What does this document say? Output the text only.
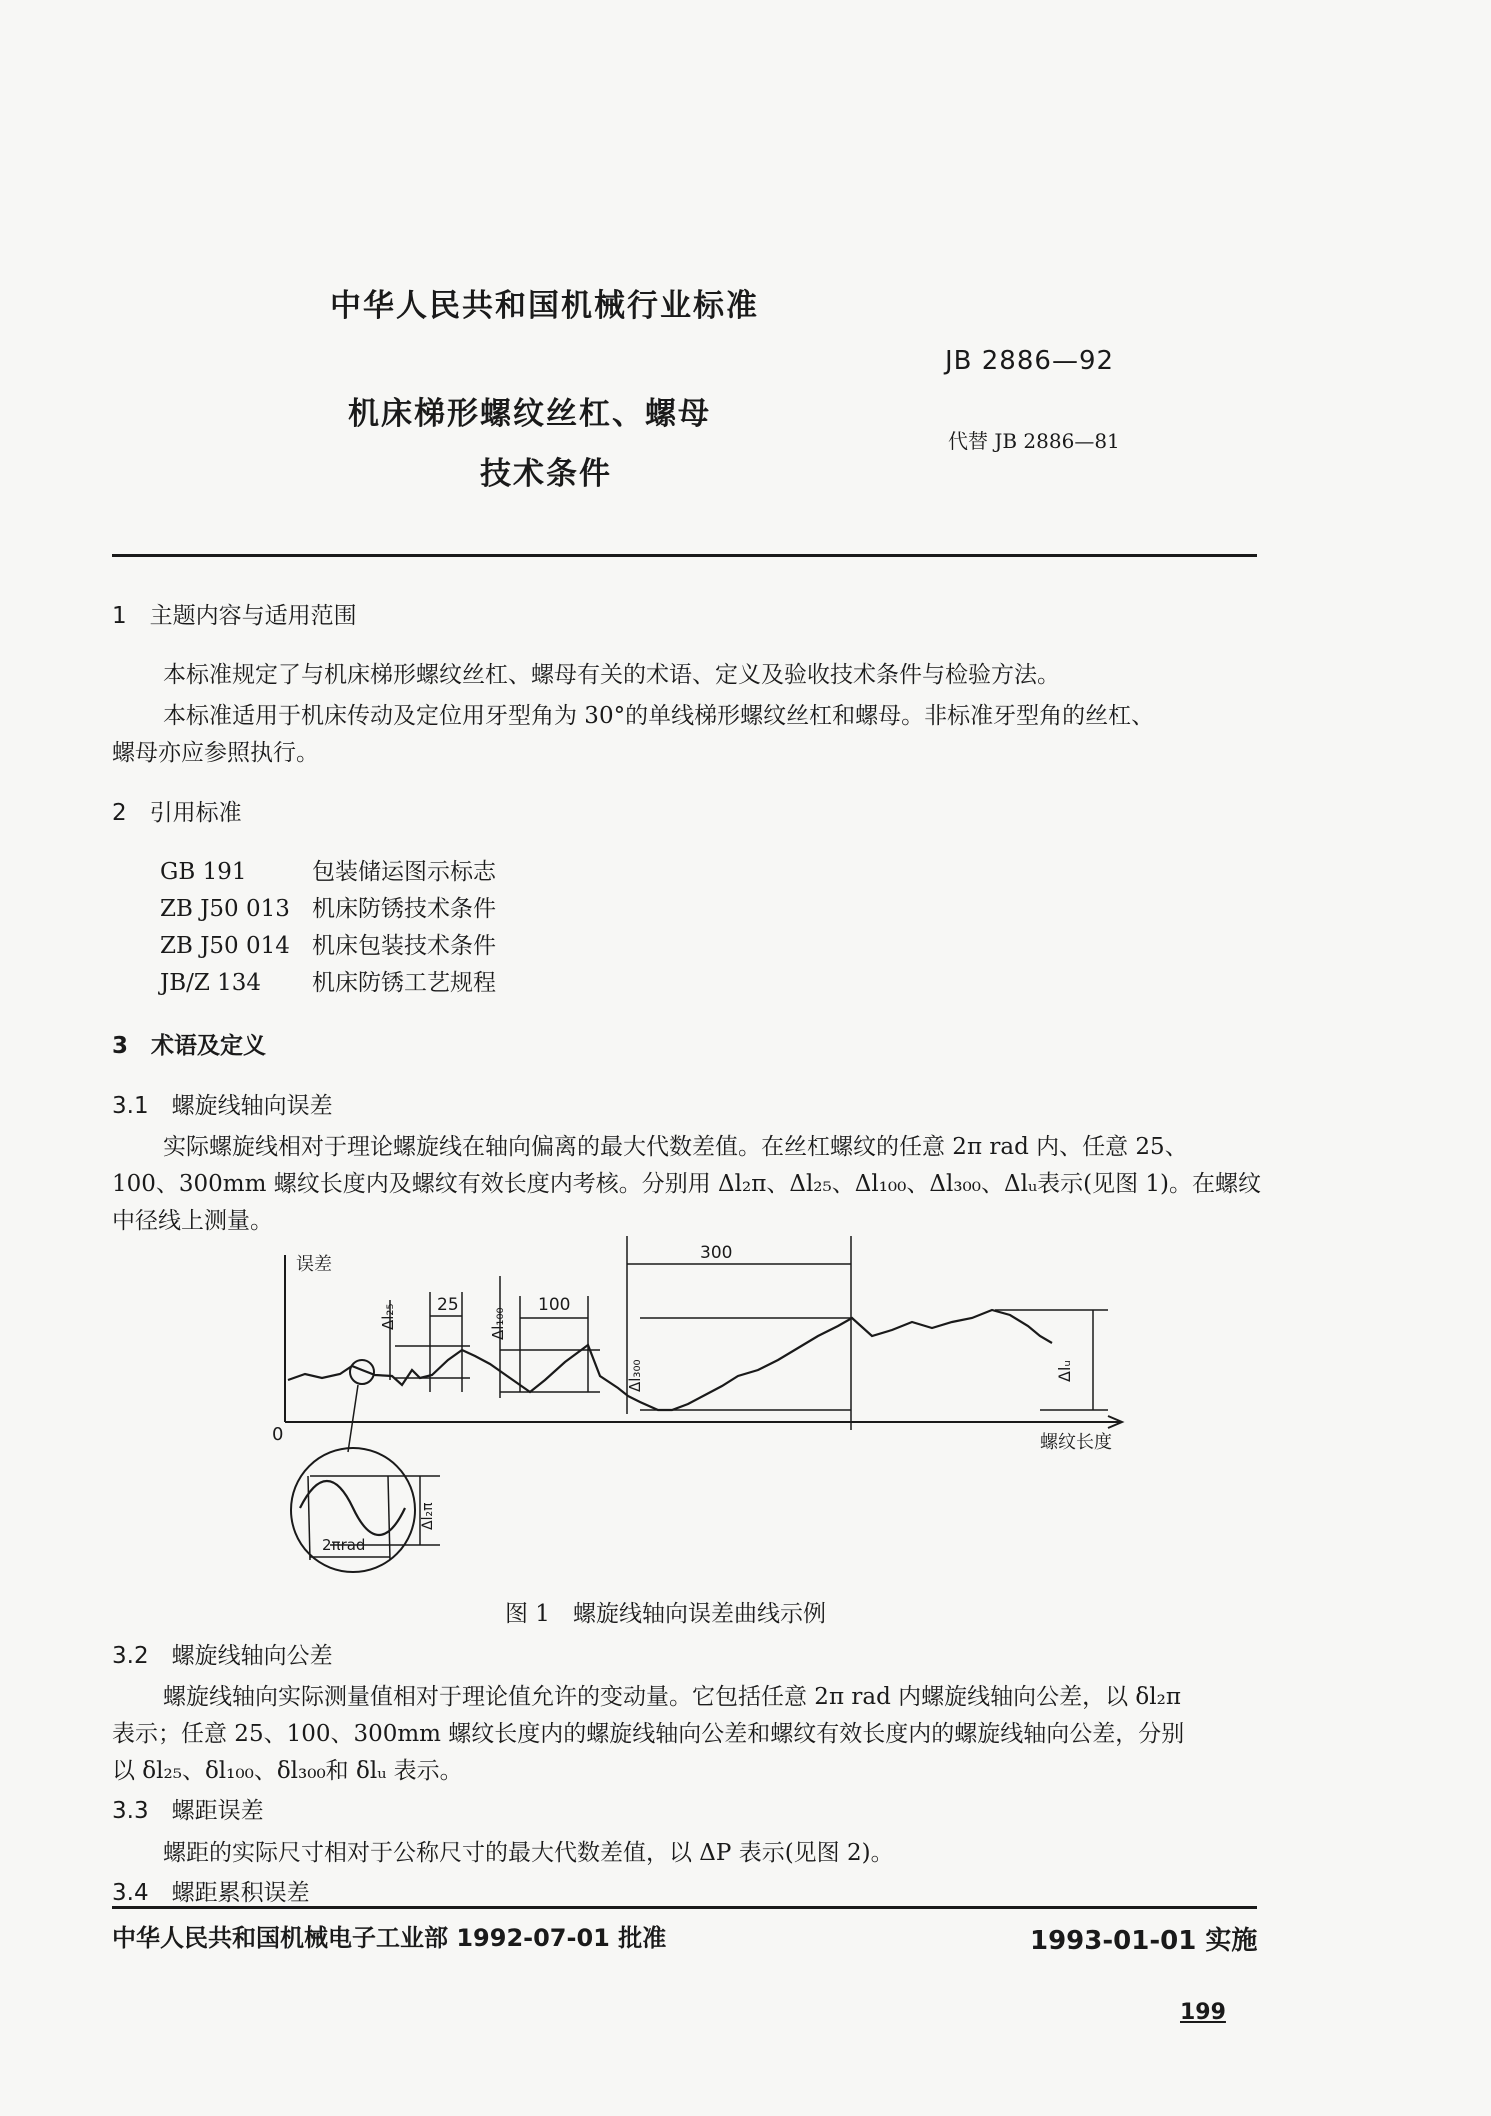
中华人民共和国机械行业标准
JB 2886—92
机床梯形螺纹丝杠、螺母
代替 JB 2886—81
技术条件
1　主题内容与适用范围
本标准规定了与机床梯形螺纹丝杠、螺母有关的术语、定义及验收技术条件与检验方法。
本标准适用于机床传动及定位用牙型角为 30°的单线梯形螺纹丝杠和螺母。非标准牙型角的丝杠、
螺母亦应参照执行。
2　引用标准
GB 191	包装储运图示标志
ZB J50 013 机床防锈技术条件
ZB J50 014 机床包装技术条件
JB/Z 134 机床防锈工艺规程
3　术语及定义
3.1　螺旋线轴向误差
实际螺旋线相对于理论螺旋线在轴向偏离的最大代数差值。在丝杠螺纹的任意 2π rad 内、任意 25、
100、300mm 螺纹长度内及螺纹有效长度内考核。分别用 Δl₂π、Δl₂₅、Δl₁₀₀、Δl₃₀₀、Δlᵤ表示(见图 1)。在螺纹
中径线上测量。
误差
螺纹长度
0
25	100
300
Δl₂₅	Δl₁₀₀
Δl₃₀₀	Δlᵤ
Δl₂π
2πrad
图 1　螺旋线轴向误差曲线示例
3.2　螺旋线轴向公差
螺旋线轴向实际测量值相对于理论值允许的变动量。它包括任意 2π rad 内螺旋线轴向公差，以 δl₂π
表示；任意 25、100、300mm 螺纹长度内的螺旋线轴向公差和螺纹有效长度内的螺旋线轴向公差，分别
以 δl₂₅、δl₁₀₀、δl₃₀₀和 δlᵤ 表示。
3.3　螺距误差
螺距的实际尺寸相对于公称尺寸的最大代数差值，以 ΔP 表示(见图 2)。
3.4　螺距累积误差
中华人民共和国机械电子工业部 1992-07-01 批准	1993-01-01 实施
199
